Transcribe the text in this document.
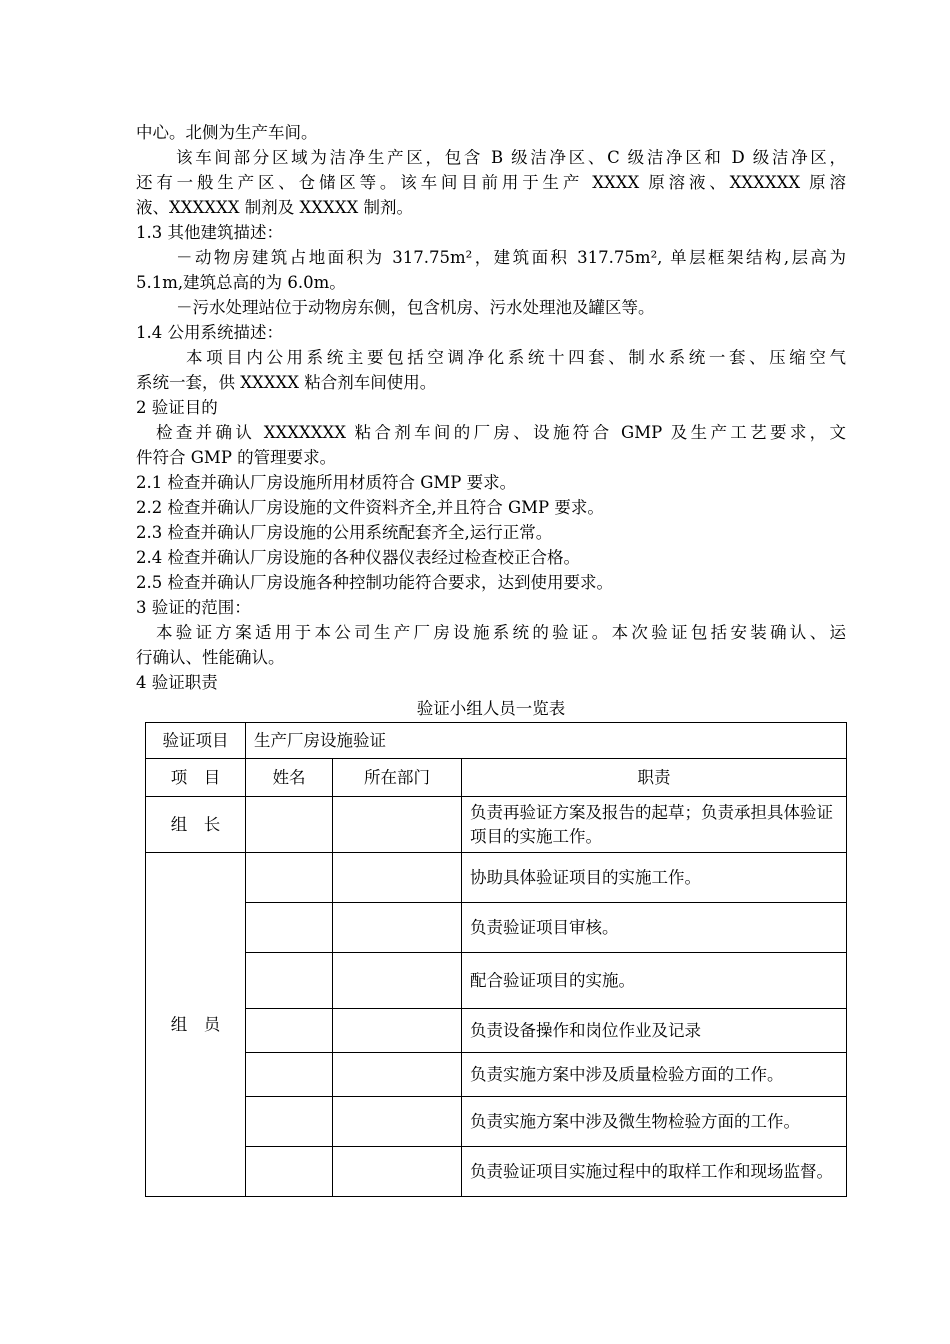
中心。北侧为生产车间。
该车间部分区域为洁净生产区，包含 B 级洁净区、C 级洁净区和 D 级洁净区，
还有一般生产区、仓储区等。该车间目前用于生产 XXXX 原溶液、XXXXXX 原溶
液、XXXXXX 制剂及 XXXXX 制剂。
1.3 其他建筑描述：
－动物房建筑占地面积为 317.75m²，建筑面积 317.75m², 单层框架结构,层高为
5.1m,建筑总高的为 6.0m。
－污水处理站位于动物房东侧，包含机房、污水处理池及罐区等。
1.4 公用系统描述：
本项目内公用系统主要包括空调净化系统十四套、制水系统一套、压缩空气
系统一套，供 XXXXX 粘合剂车间使用。
2 验证目的
检查并确认 XXXXXXX 粘合剂车间的厂房、设施符合 GMP 及生产工艺要求，文
件符合 GMP 的管理要求。
2.1 检查并确认厂房设施所用材质符合 GMP 要求。
2.2 检查并确认厂房设施的文件资料齐全,并且符合 GMP 要求。
2.3 检查并确认厂房设施的公用系统配套齐全,运行正常。
2.4 检查并确认厂房设施的各种仪器仪表经过检查校正合格。
2.5 检查并确认厂房设施各种控制功能符合要求，达到使用要求。
3 验证的范围：
本验证方案适用于本公司生产厂房设施系统的验证。本次验证包括安装确认、运
行确认、性能确认。
4 验证职责
验证小组人员一览表
验证项目	生产厂房设施验证		
项　目	姓名	所在部门	职责
组　长			负责再验证方案及报告的起草；负责承担具体验证项目的实施工作。
组　员			协助具体验证项目的实施工作。
			负责验证项目审核。
			配合验证项目的实施。
			负责设备操作和岗位作业及记录
			负责实施方案中涉及质量检验方面的工作。
			负责实施方案中涉及微生物检验方面的工作。
			负责验证项目实施过程中的取样工作和现场监督。
